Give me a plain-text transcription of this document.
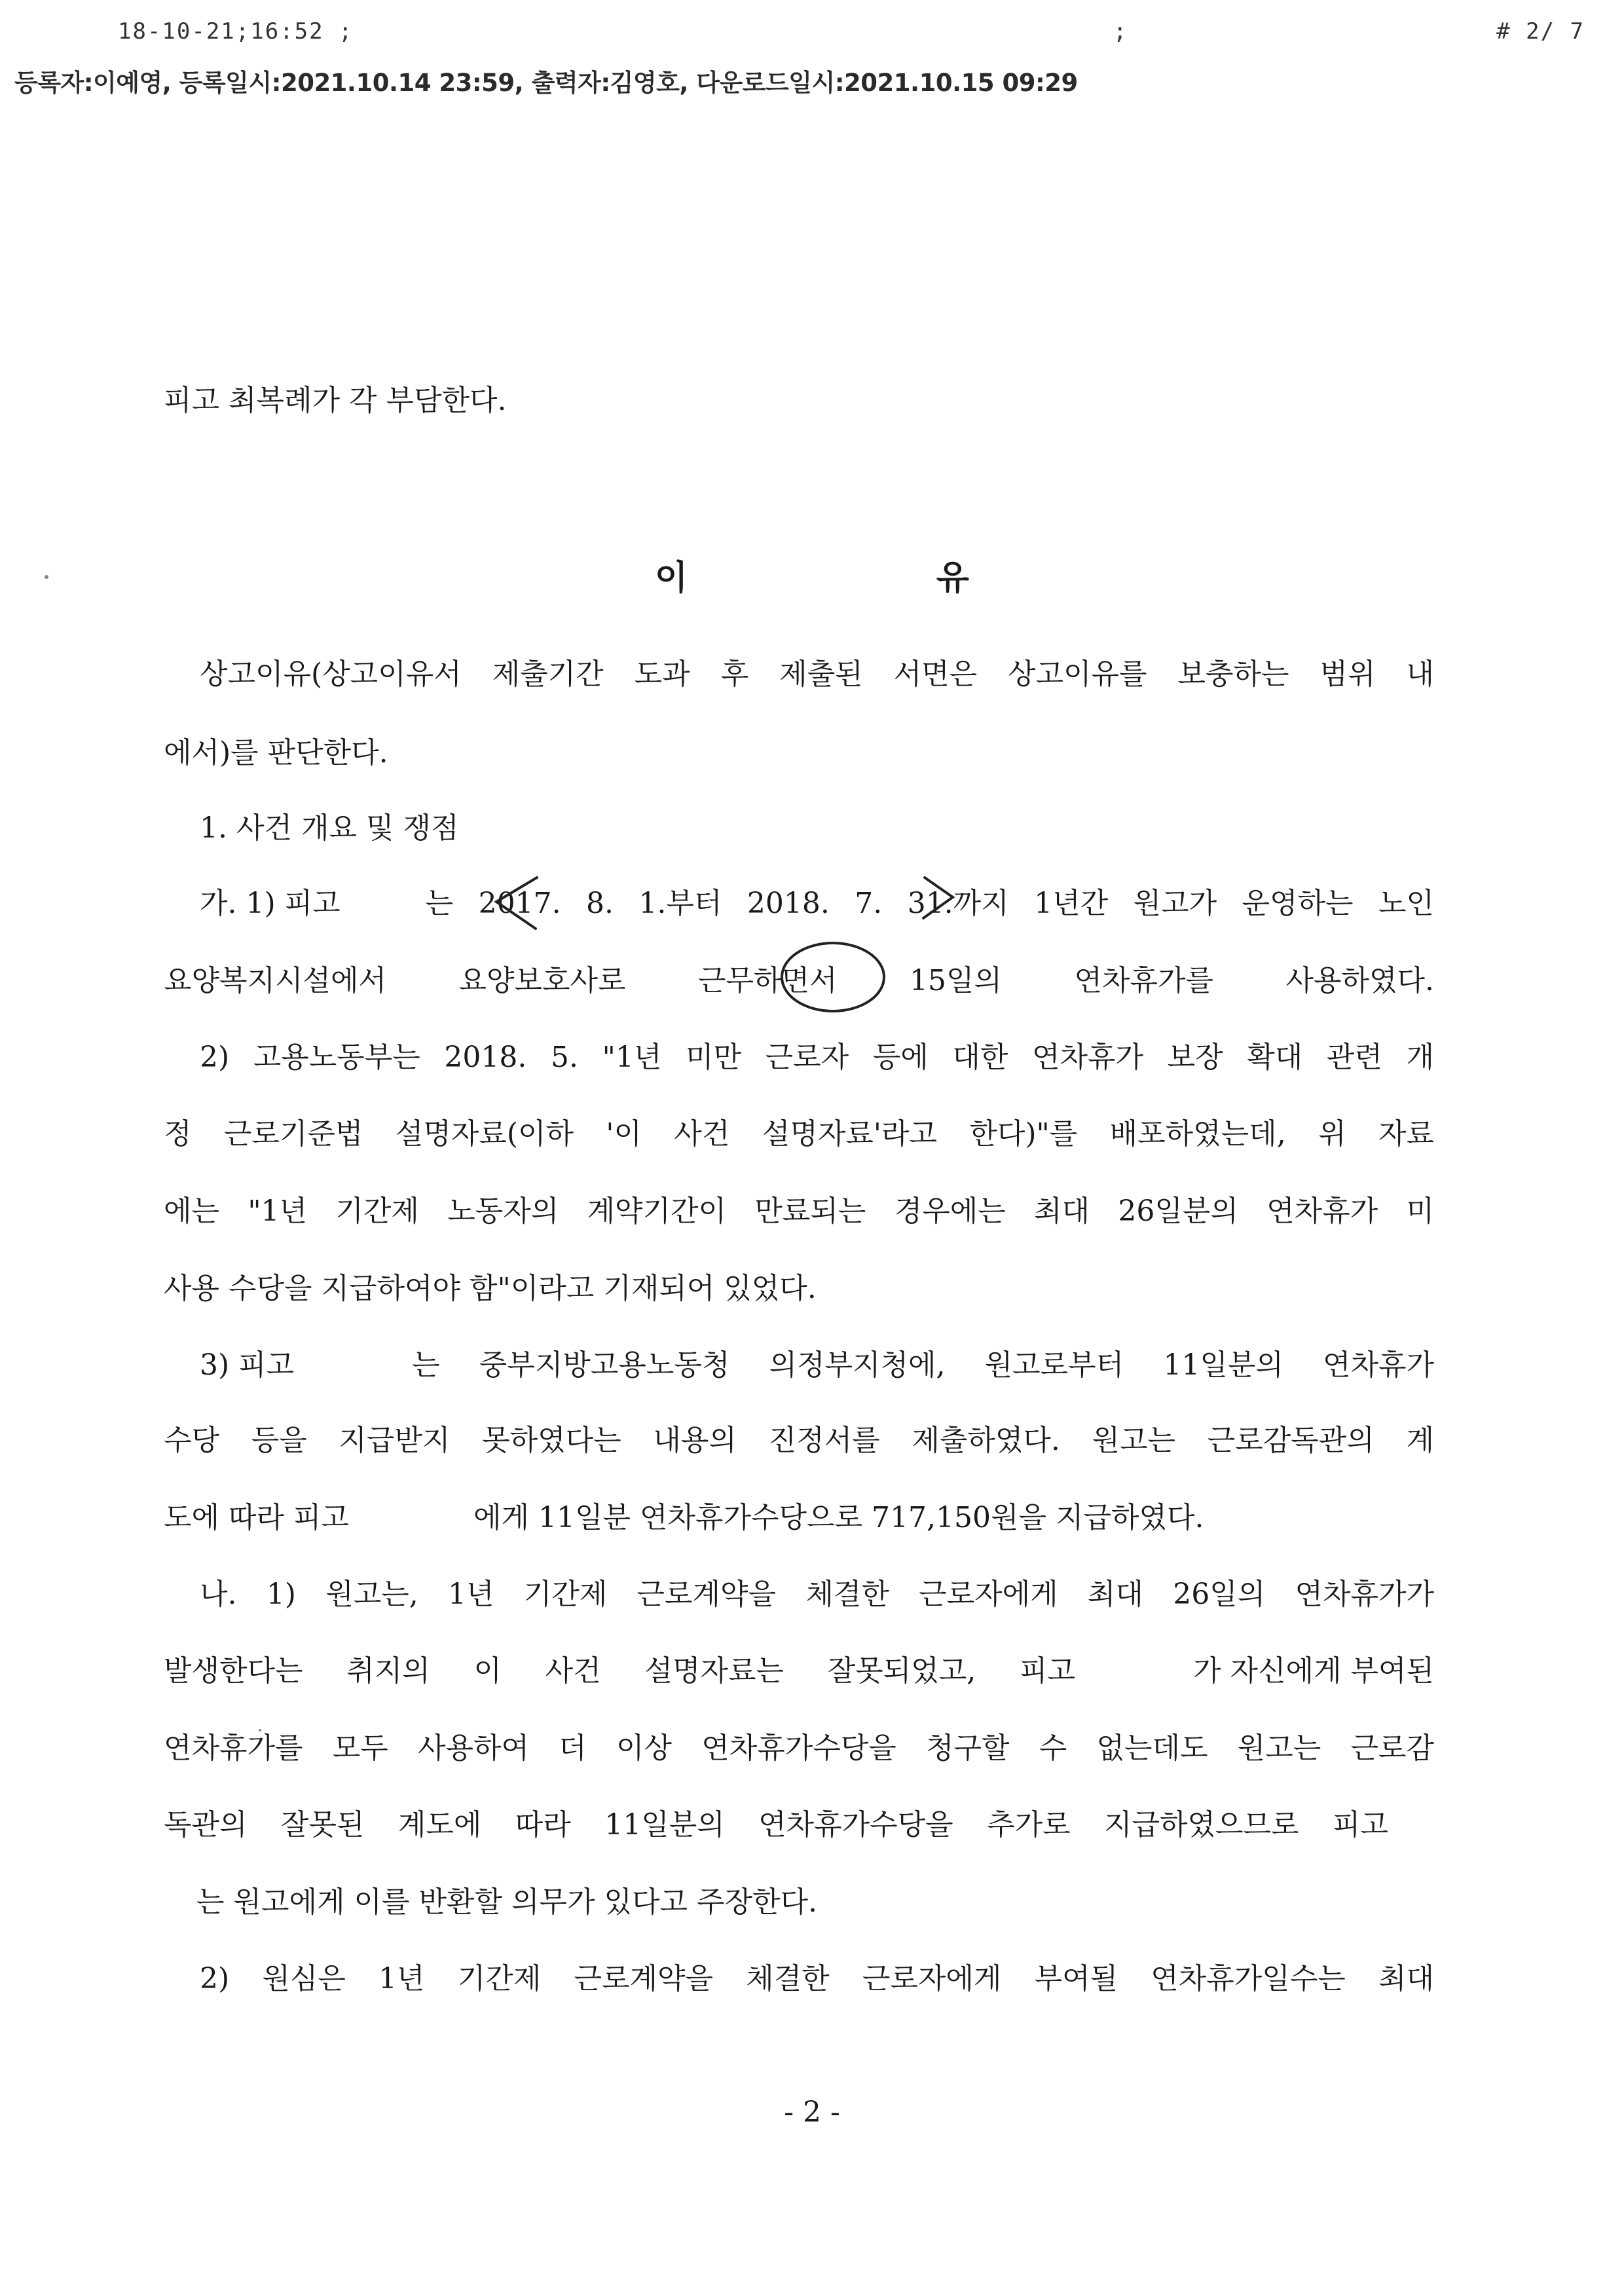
18-10-21;16:52 ;	;	# 2/ 7
등록자:이예영, 등록일시:2021.10.14 23:59, 출력자:김영호, 다운로드일시:2021.10.15 09:29
피고 최복례가 각 부담한다.
이	유
상고이유(상고이유서 제출기간 도과 후 제출된 서면은 상고이유를 보충하는 범위 내
에서)를 판단한다.
1. 사건 개요 및 쟁점
가. 1) 피고	는 2017. 8. 1.부터 2018. 7. 31.까지 1년간 원고가 운영하는 노인
요양복지시설에서 요양보호사로 근무하면서 15일의 연차휴가를 사용하였다.
2) 고용노동부는 2018. 5. "1년 미만 근로자 등에 대한 연차휴가 보장 확대 관련 개
정 근로기준법 설명자료(이하 '이 사건 설명자료'라고 한다)"를 배포하였는데, 위 자료
에는 "1년 기간제 노동자의 계약기간이 만료되는 경우에는 최대 26일분의 연차휴가 미
사용 수당을 지급하여야 함"이라고 기재되어 있었다.
3) 피고	는 중부지방고용노동청 의정부지청에, 원고로부터 11일분의 연차휴가
수당 등을 지급받지 못하였다는 내용의 진정서를 제출하였다. 원고는 근로감독관의 계
도에 따라 피고	에게 11일분 연차휴가수당으로 717,150원을 지급하였다.
나. 1) 원고는, 1년 기간제 근로계약을 체결한 근로자에게 최대 26일의 연차휴가가
발생한다는 취지의 이 사건 설명자료는 잘못되었고, 피고	가 자신에게 부여된
연차휴가를 모두 사용하여 더 이상 연차휴가수당을 청구할 수 없는데도 원고는 근로감
독관의 잘못된 계도에 따라 11일분의 연차휴가수당을 추가로 지급하였으므로 피고
는 원고에게 이를 반환할 의무가 있다고 주장한다.
2) 원심은 1년 기간제 근로계약을 체결한 근로자에게 부여될 연차휴가일수는 최대
- 2 -
